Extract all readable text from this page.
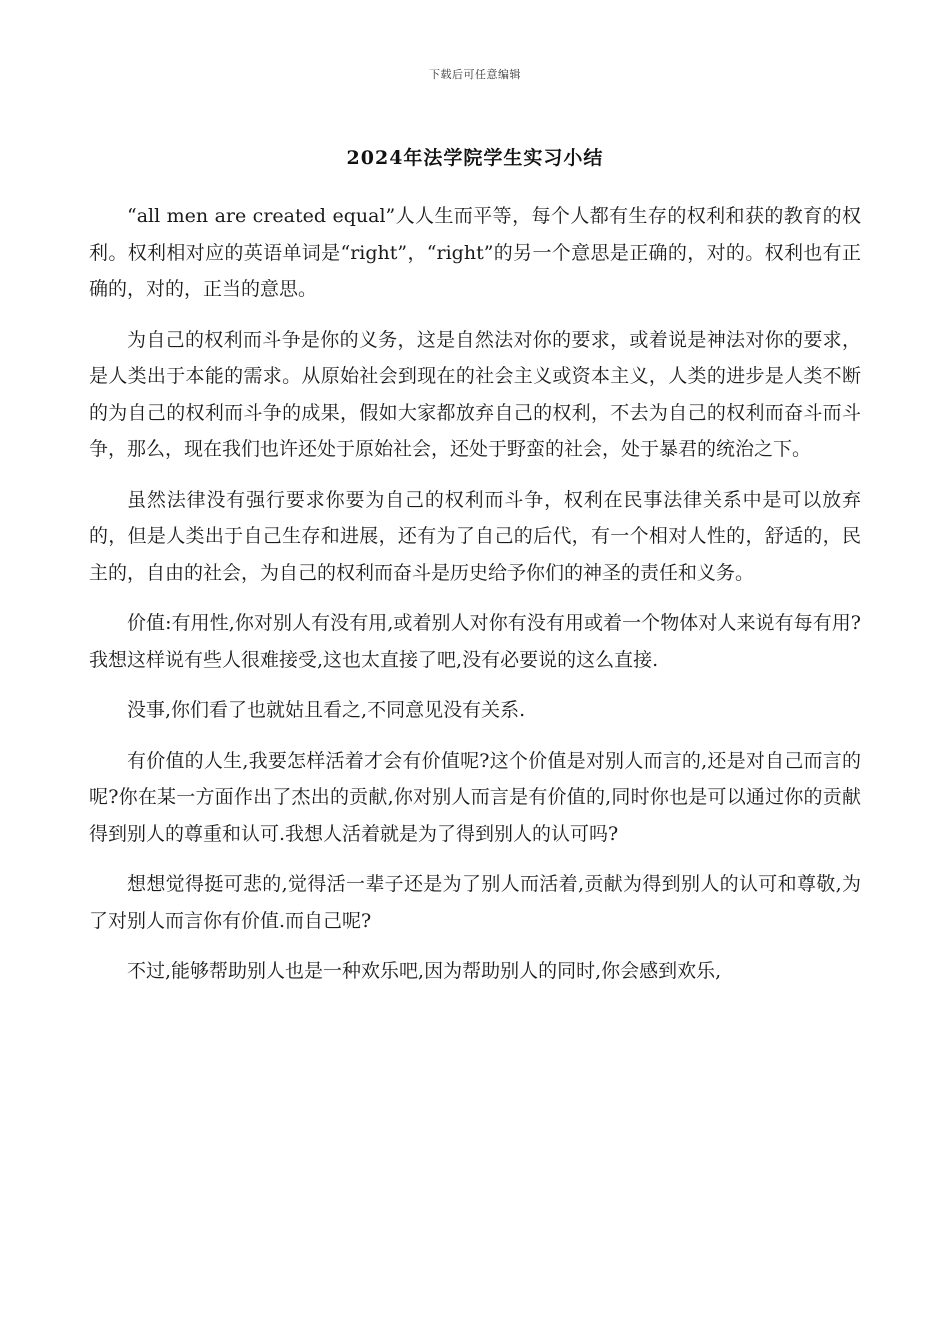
下载后可任意编辑
2024年法学院学生实习小结

“all men are created equal”人人生而平等，每个人都有生存的权利和获的教育的权利。权利相对应的英语单词是“right”，“right”的另一个意思是正确的，对的。权利也有正确的，对的，正当的意思。

为自己的权利而斗争是你的义务，这是自然法对你的要求，或着说是神法对你的要求，是人类出于本能的需求。从原始社会到现在的社会主义或资本主义，人类的进步是人类不断的为自己的权利而斗争的成果，假如大家都放弃自己的权利，不去为自己的权利而奋斗而斗争，那么，现在我们也许还处于原始社会，还处于野蛮的社会，处于暴君的统治之下。

虽然法律没有强行要求你要为自己的权利而斗争，权利在民事法律关系中是可以放弃的，但是人类出于自己生存和进展，还有为了自己的后代，有一个相对人性的，舒适的，民主的，自由的社会，为自己的权利而奋斗是历史给予你们的神圣的责任和义务。

价值:有用性,你对别人有没有用,或着别人对你有没有用或着一个物体对人来说有每有用?我想这样说有些人很难接受,这也太直接了吧,没有必要说的这么直接.

没事,你们看了也就姑且看之,不同意见没有关系.

有价值的人生,我要怎样活着才会有价值呢?这个价值是对别人而言的,还是对自己而言的呢?你在某一方面作出了杰出的贡献,你对别人而言是有价值的,同时你也是可以通过你的贡献得到别人的尊重和认可.我想人活着就是为了得到别人的认可吗?

想想觉得挺可悲的,觉得活一辈子还是为了别人而活着,贡献为得到别人的认可和尊敬,为了对别人而言你有价值.而自己呢?

不过,能够帮助别人也是一种欢乐吧,因为帮助别人的同时,你会感到欢乐,
